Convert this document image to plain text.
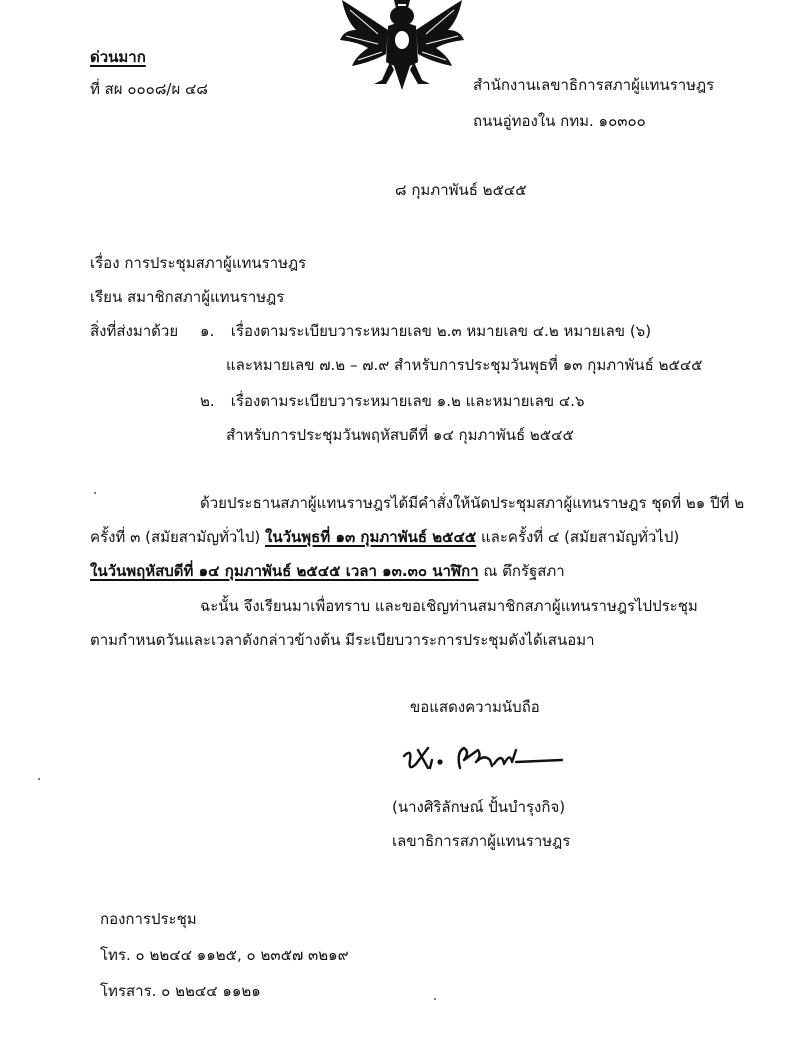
ด่วนมาก
ที่ สผ ๐๐๐๘/ผ ๔๘	สำนักงานเลขาธิการสภาผู้แทนราษฎร
ถนนอู่ทองใน กทม. ๑๐๓๐๐
๘ กุมภาพันธ์ ๒๕๔๕
เรื่อง การประชุมสภาผู้แทนราษฎร
เรียน สมาชิกสภาผู้แทนราษฎร
สิ่งที่ส่งมาด้วย ๑. เรื่องตามระเบียบวาระหมายเลข ๒.๓ หมายเลข ๔.๒ หมายเลข (๖)
และหมายเลข ๗.๒ – ๗.๙ สำหรับการประชุมวันพุธที่ ๑๓ กุมภาพันธ์ ๒๕๔๕
๒. เรื่องตามระเบียบวาระหมายเลข ๑.๒ และหมายเลข ๔.๖
สำหรับการประชุมวันพฤหัสบดีที่ ๑๔ กุมภาพันธ์ ๒๕๔๕
ด้วยประธานสภาผู้แทนราษฎรได้มีคำสั่งให้นัดประชุมสภาผู้แทนราษฎร ชุดที่ ๒๑ ปีที่ ๒
ครั้งที่ ๓ (สมัยสามัญทั่วไป) ในวันพุธที่ ๑๓ กุมภาพันธ์ ๒๕๔๕ และครั้งที่ ๔ (สมัยสามัญทั่วไป)
ในวันพฤหัสบดีที่ ๑๔ กุมภาพันธ์ ๒๕๔๕ เวลา ๑๓.๓๐ นาฬิกา ณ ตึกรัฐสภา
ฉะนั้น จึงเรียนมาเพื่อทราบ และขอเชิญท่านสมาชิกสภาผู้แทนราษฎรไปประชุม
ตามกำหนดวันและเวลาดังกล่าวข้างต้น มีระเบียบวาระการประชุมดังได้เสนอมา
ขอแสดงความนับถือ
(นางศิริลักษณ์ ปั้นบำรุงกิจ)
เลขาธิการสภาผู้แทนราษฎร
กองการประชุม
โทร. ๐ ๒๒๔๔ ๑๑๒๕, ๐ ๒๓๕๗ ๓๒๑๙
โทรสาร. ๐ ๒๒๔๔ ๑๑๒๑
